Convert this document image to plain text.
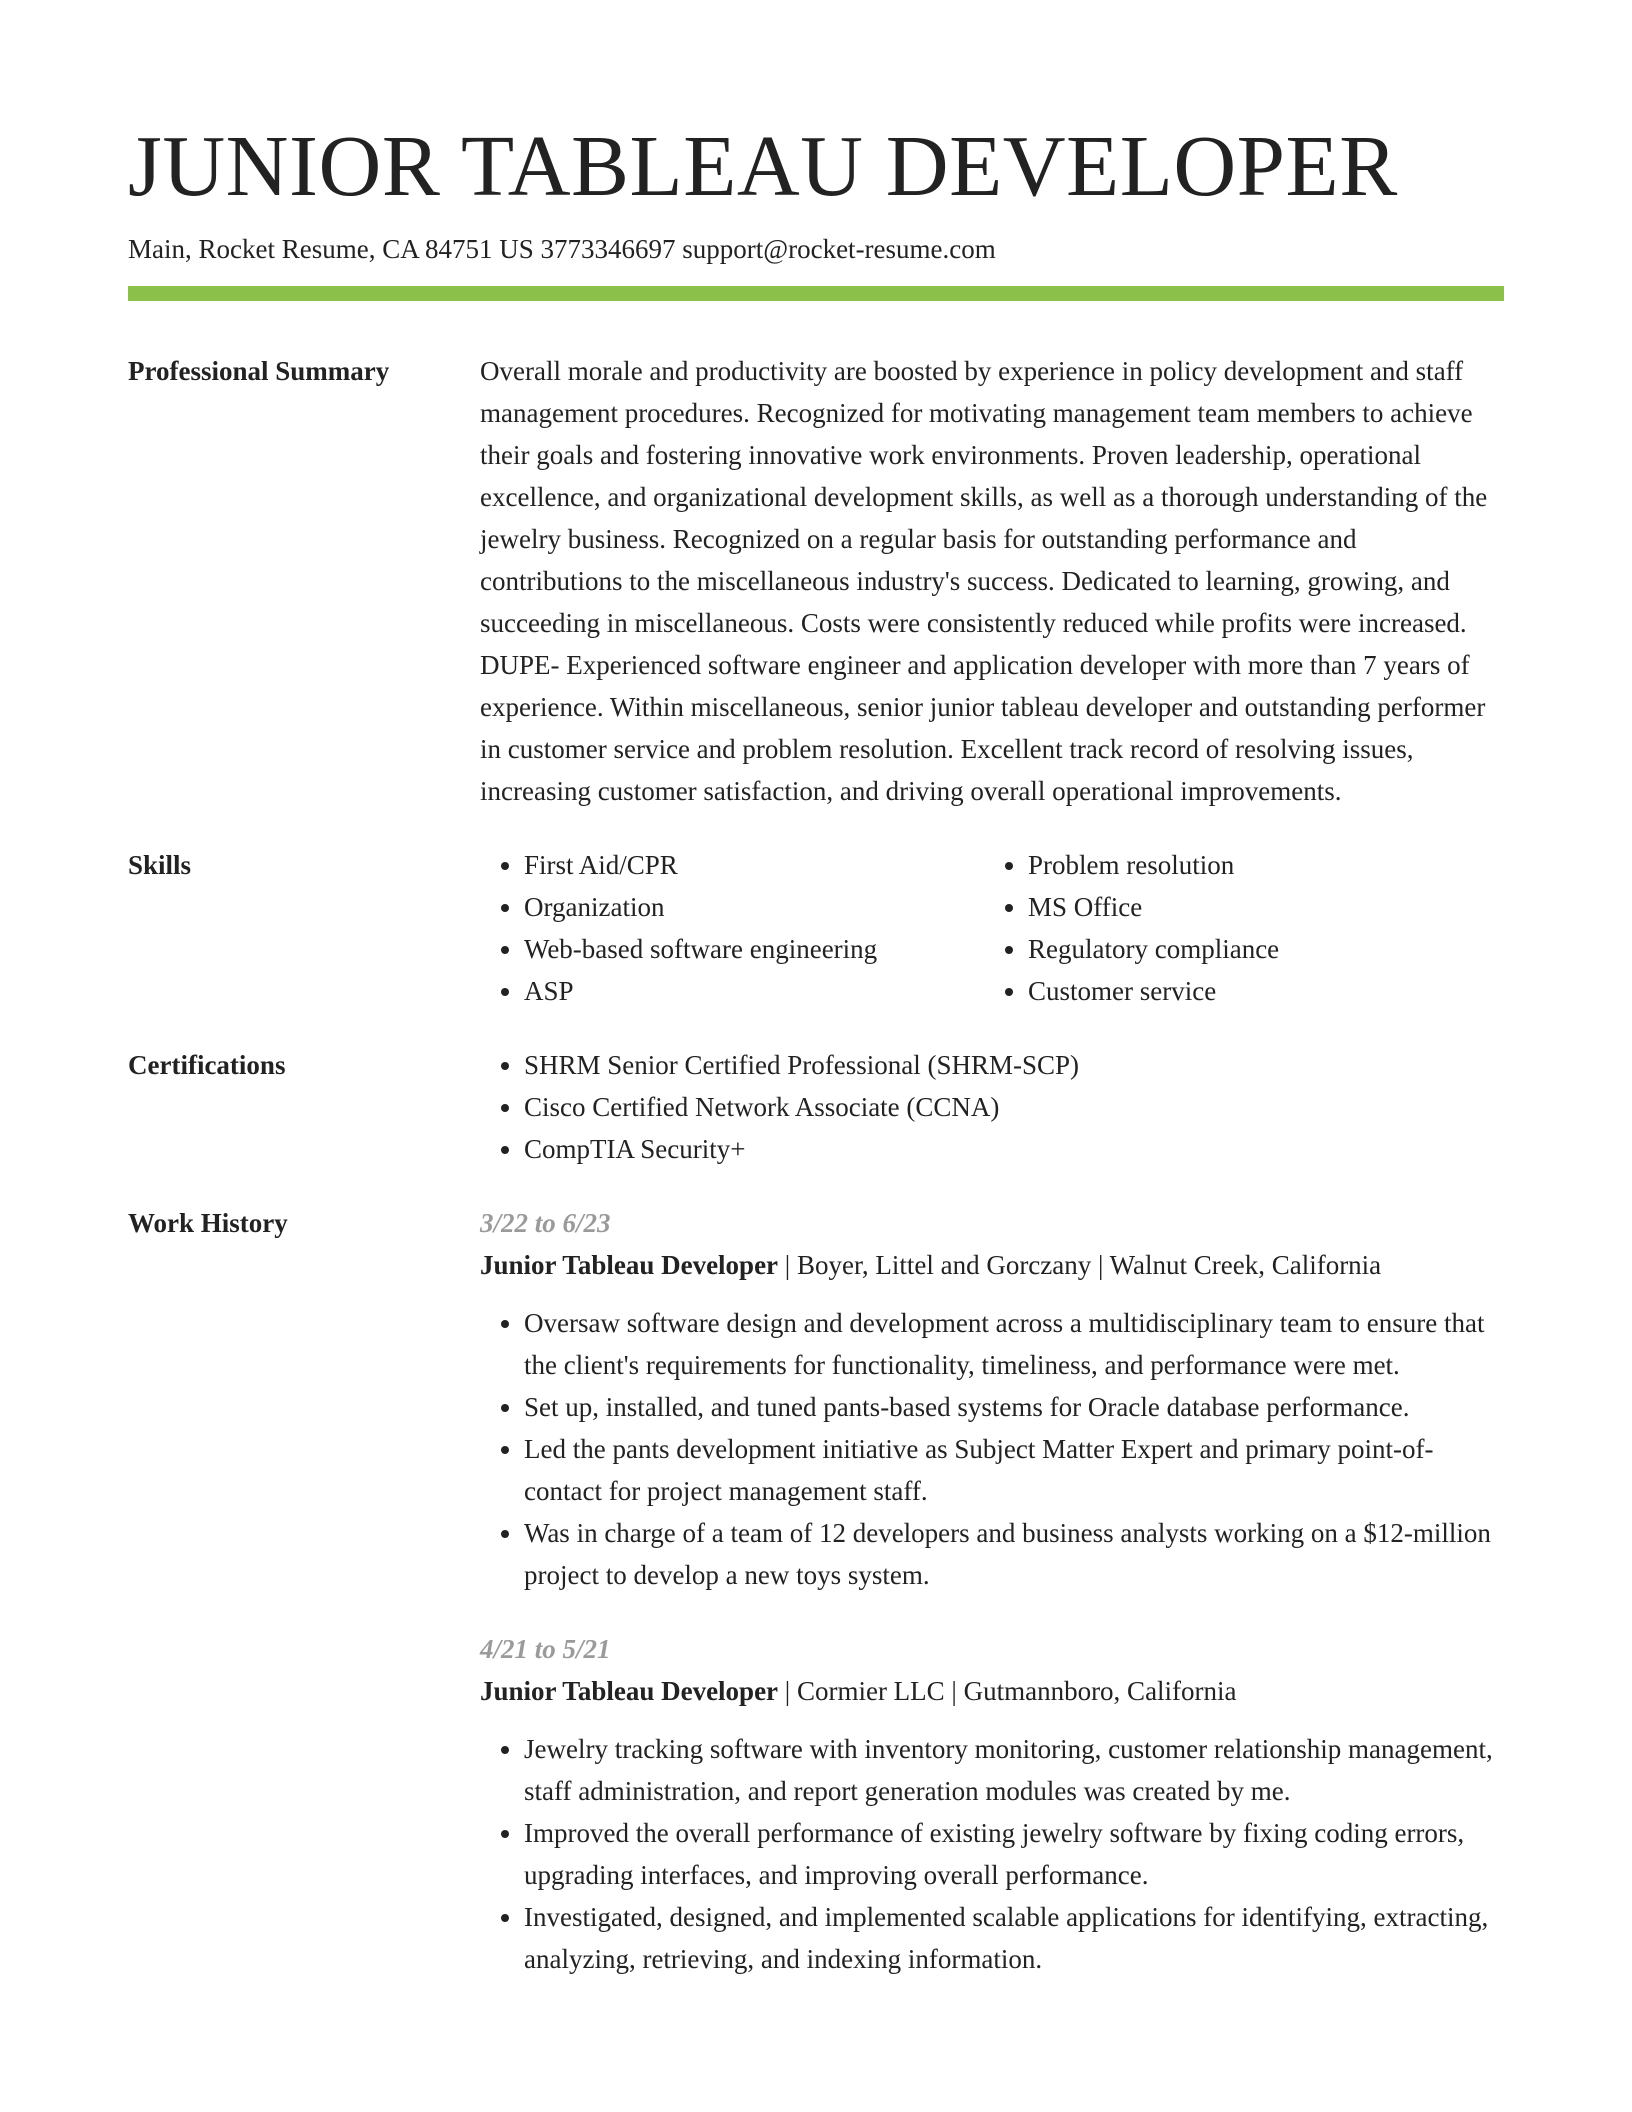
JUNIOR TABLEAU DEVELOPER
Main, Rocket Resume, CA 84751 US 3773346697 support@rocket-resume.com
Professional Summary	Overall morale and productivity are boosted by experience in policy development and staff management procedures. Recognized for motivating management team members to achieve their goals and fostering innovative work environments. Proven leadership, operational excellence, and organizational development skills, as well as a thorough understanding of the jewelry business. Recognized on a regular basis for outstanding performance and contributions to the miscellaneous industry's success. Dedicated to learning, growing, and succeeding in miscellaneous. Costs were consistently reduced while profits were increased. DUPE- Experienced software engineer and application developer with more than 7 years of experience. Within miscellaneous, senior junior tableau developer and outstanding performer in customer service and problem resolution. Excellent track record of resolving issues, increasing customer satisfaction, and driving overall operational improvements.

Skills	• First Aid/CPR
• Organization
• Web-based software engineering
• ASP
• Problem resolution
• MS Office
• Regulatory compliance
• Customer service
Certifications	• SHRM Senior Certified Professional (SHRM-SCP)
• Cisco Certified Network Associate (CCNA)
• CompTIA Security+
Work History	3/22 to 6/23
Junior Tableau Developer | Boyer, Littel and Gorczany | Walnut Creek, California
• Oversaw software design and development across a multidisciplinary team to ensure that the client's requirements for functionality, timeliness, and performance were met.
• Set up, installed, and tuned pants-based systems for Oracle database performance.
• Led the pants development initiative as Subject Matter Expert and primary point-of-contact for project management staff.
• Was in charge of a team of 12 developers and business analysts working on a $12-million project to develop a new toys system.
4/21 to 5/21
Junior Tableau Developer | Cormier LLC | Gutmannboro, California
• Jewelry tracking software with inventory monitoring, customer relationship management, staff administration, and report generation modules was created by me.
• Improved the overall performance of existing jewelry software by fixing coding errors, upgrading interfaces, and improving overall performance.
• Investigated, designed, and implemented scalable applications for identifying, extracting, analyzing, retrieving, and indexing information.
